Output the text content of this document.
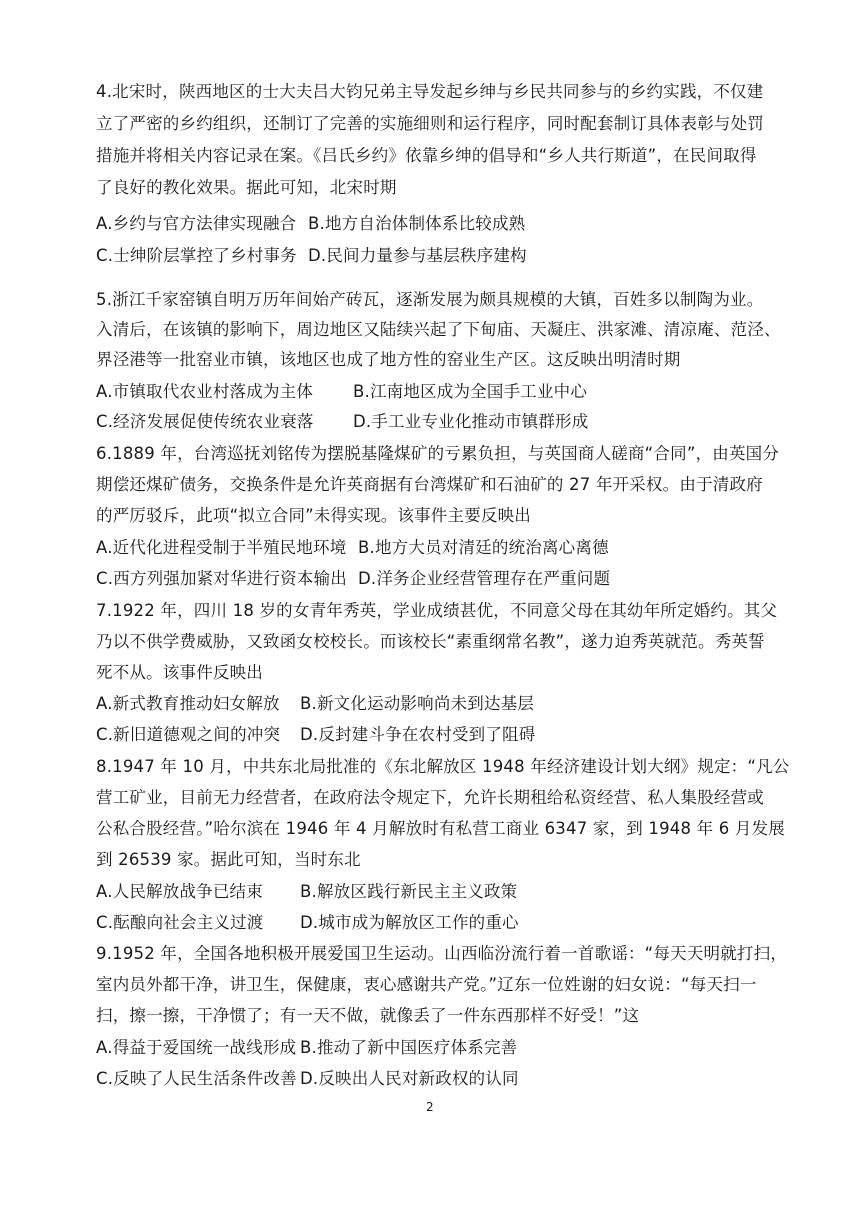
4.北宋时，陕西地区的士大夫吕大钧兄弟主导发起乡绅与乡民共同参与的乡约实践，不仅建
立了严密的乡约组织，还制订了完善的实施细则和运行程序，同时配套制订具体表彰与处罚
措施并将相关内容记录在案。《吕氏乡约》依靠乡绅的倡导和“乡人共行斯道”，在民间取得
了良好的教化效果。据此可知，北宋时期
A.乡约与官方法律实现融合 B.地方自治体制体系比较成熟
C.士绅阶层掌控了乡村事务 D.民间力量参与基层秩序建构
5.浙江千家窑镇自明万历年间始产砖瓦，逐渐发展为颇具规模的大镇，百姓多以制陶为业。
入清后，在该镇的影响下，周边地区又陆续兴起了下甸庙、天凝庄、洪家滩、清凉庵、范泾、
界泾港等一批窑业市镇，该地区也成了地方性的窑业生产区。这反映出明清时期
A.市镇取代农业村落成为主体 B.江南地区成为全国手工业中心
C.经济发展促使传统农业衰落 D.手工业专业化推动市镇群形成
6.1889 年，台湾巡抚刘铭传为摆脱基隆煤矿的亏累负担，与英国商人磋商“合同”，由英国分
期偿还煤矿债务，交换条件是允许英商据有台湾煤矿和石油矿的 27 年开采权。由于清政府
的严厉驳斥，此项“拟立合同”未得实现。该事件主要反映出
A.近代化进程受制于半殖民地环境 B.地方大员对清廷的统治离心离德
C.西方列强加紧对华进行资本输出 D.洋务企业经营管理存在严重问题
7.1922 年，四川 18 岁的女青年秀英，学业成绩甚优，不同意父母在其幼年所定婚约。其父
乃以不供学费威胁，又致函女校校长。而该校长“素重纲常名教”，遂力迫秀英就范。秀英誓
死不从。该事件反映出
A.新式教育推动妇女解放 B.新文化运动影响尚未到达基层
C.新旧道德观之间的冲突 D.反封建斗争在农村受到了阻碍
8.1947 年 10 月，中共东北局批准的《东北解放区 1948 年经济建设计划大纲》规定：“凡公
营工矿业，目前无力经营者，在政府法令规定下，允许长期租给私资经营、私人集股经营或
公私合股经营。”哈尔滨在 1946 年 4 月解放时有私营工商业 6347 家，到 1948 年 6 月发展
到 26539 家。据此可知，当时东北
A.人民解放战争已结束 B.解放区践行新民主主义政策
C.酝酿向社会主义过渡 D.城市成为解放区工作的重心
9.1952 年，全国各地积极开展爱国卫生运动。山西临汾流行着一首歌谣：“每天天明就打扫，
室内员外都干净，讲卫生，保健康，衷心感谢共产党。”辽东一位姓谢的妇女说：“每天扫一
扫，擦一擦，干净惯了；有一天不做，就像丢了一件东西那样不好受！”这
A.得益于爱国统一战线形成 B.推动了新中国医疗体系完善
C.反映了人民生活条件改善 D.反映出人民对新政权的认同
2
